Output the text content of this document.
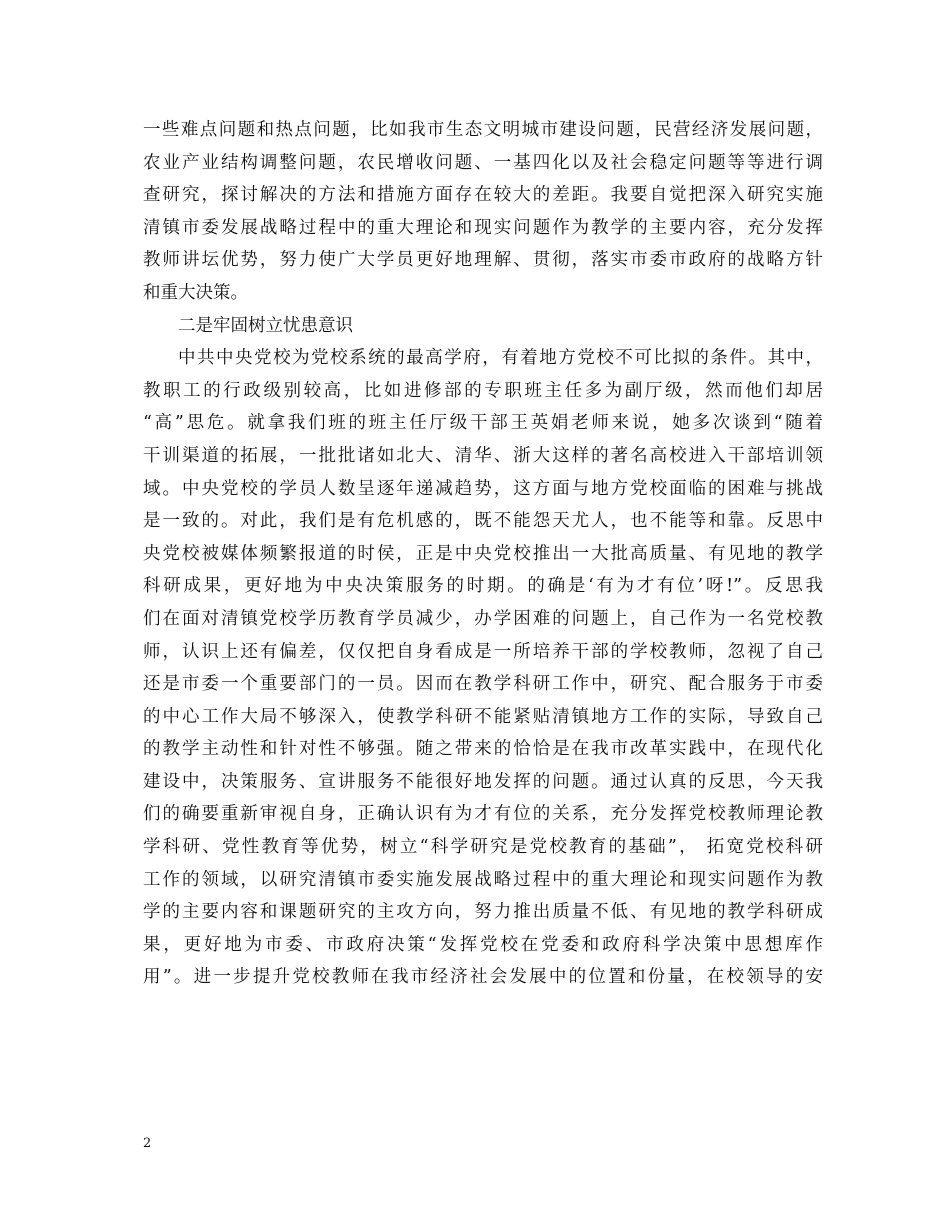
一些难点问题和热点问题，比如我市生态文明城市建设问题，民营经济发展问题，

农业产业结构调整问题，农民增收问题、一基四化以及社会稳定问题等等进行调

查研究，探讨解决的方法和措施方面存在较大的差距。我要自觉把深入研究实施

清镇市委发展战略过程中的重大理论和现实问题作为教学的主要内容，充分发挥

教师讲坛优势，努力使广大学员更好地理解、贯彻，落实市委市政府的战略方针

和重大决策。

二是牢固树立忧患意识

中共中央党校为党校系统的最高学府，有着地方党校不可比拟的条件。其中，

教职工的行政级别较高，比如进修部的专职班主任多为副厅级，然而他们却居

“高”思危。就拿我们班的班主任厅级干部王英娟老师来说，她多次谈到“随着

干训渠道的拓展，一批批诸如北大、清华、浙大这样的著名高校进入干部培训领

域。中央党校的学员人数呈逐年递减趋势，这方面与地方党校面临的困难与挑战

是一致的。对此，我们是有危机感的，既不能怨天尤人，也不能等和靠。反思中

央党校被媒体频繁报道的时侯，正是中央党校推出一大批高质量、有见地的教学

科研成果，更好地为中央决策服务的时期。的确是‘有为才有位’呀!”。反思我

们在面对清镇党校学历教育学员减少，办学困难的问题上，自己作为一名党校教

师，认识上还有偏差，仅仅把自身看成是一所培养干部的学校教师，忽视了自己

还是市委一个重要部门的一员。因而在教学科研工作中，研究、配合服务于市委

的中心工作大局不够深入，使教学科研不能紧贴清镇地方工作的实际，导致自己

的教学主动性和针对性不够强。随之带来的恰恰是在我市改革实践中，在现代化

建设中，决策服务、宣讲服务不能很好地发挥的问题。通过认真的反思，今天我

们的确要重新审视自身，正确认识有为才有位的关系，充分发挥党校教师理论教

学科研、党性教育等优势，树立“科学研究是党校教育的基础”， 拓宽党校科研

工作的领域，以研究清镇市委实施发展战略过程中的重大理论和现实问题作为教

学的主要内容和课题研究的主攻方向，努力推出质量不低、有见地的教学科研成

果，更好地为市委、市政府决策“发挥党校在党委和政府科学决策中思想库作

用”。进一步提升党校教师在我市经济社会发展中的位置和份量，在校领导的安

2
